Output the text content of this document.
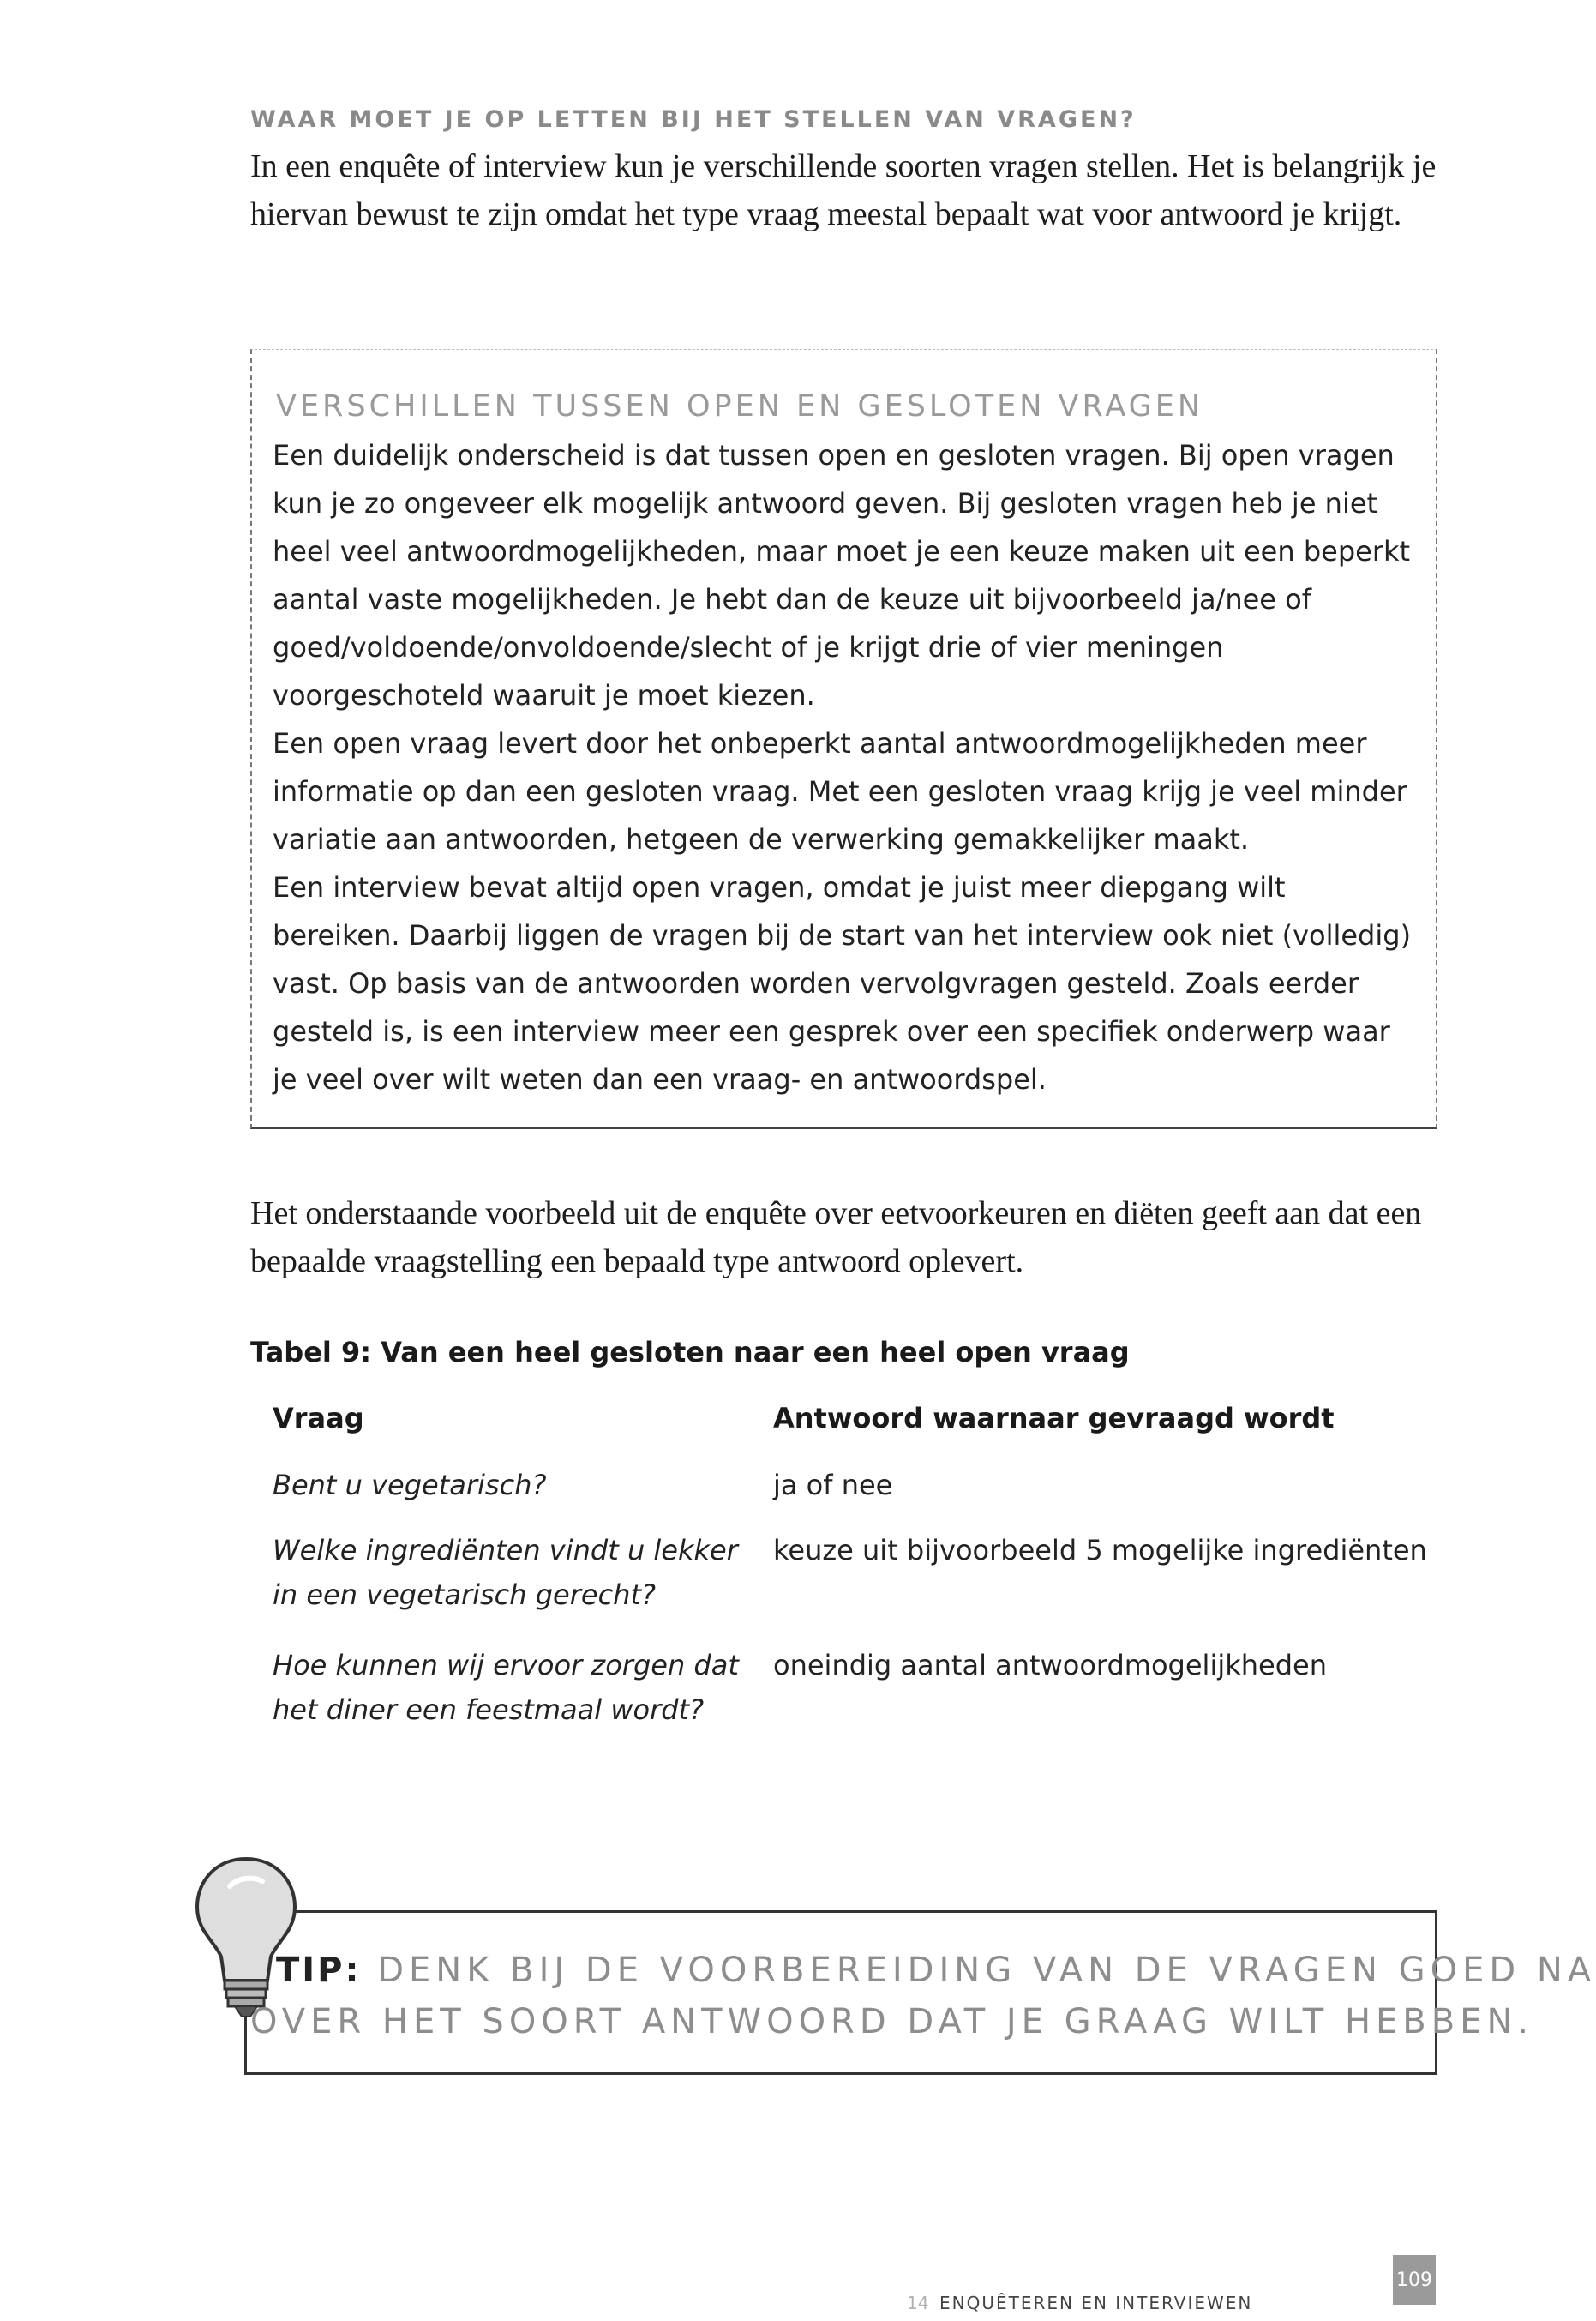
WAAR MOET JE OP LETTEN BIJ HET STELLEN VAN VRAGEN?
In een enquête of interview kun je verschillende soorten vragen stellen. Het is belangrijk je hiervan bewust te zijn omdat het type vraag meestal bepaalt wat voor antwoord je krijgt.
VERSCHILLEN TUSSEN OPEN EN GESLOTEN VRAGEN
Een duidelijk onderscheid is dat tussen open en gesloten vragen. Bij open vragen kun je zo ongeveer elk mogelijk antwoord geven. Bij gesloten vragen heb je niet heel veel antwoordmogelijkheden, maar moet je een keuze maken uit een beperkt aantal vaste mogelijkheden. Je hebt dan de keuze uit bijvoorbeeld ja/nee of goed/voldoende/onvoldoende/slecht of je krijgt drie of vier meningen voorgeschoteld waaruit je moet kiezen.
Een open vraag levert door het onbeperkt aantal antwoordmogelijkheden meer informatie op dan een gesloten vraag. Met een gesloten vraag krijg je veel minder variatie aan antwoorden, hetgeen de verwerking gemakkelijker maakt.
Een interview bevat altijd open vragen, omdat je juist meer diepgang wilt bereiken. Daarbij liggen de vragen bij de start van het interview ook niet (volledig) vast. Op basis van de antwoorden worden vervolgvragen gesteld. Zoals eerder gesteld is, is een interview meer een gesprek over een specifiek onderwerp waar je veel over wilt weten dan een vraag- en antwoordspel.
Het onderstaande voorbeeld uit de enquête over eetvoorkeuren en diëten geeft aan dat een bepaalde vraagstelling een bepaald type antwoord oplevert.
Tabel 9: Van een heel gesloten naar een heel open vraag
Vraag	Antwoord waarnaar gevraagd wordt
Bent u vegetarisch?	ja of nee
Welke ingrediënten vindt u lekker in een vegetarisch gerecht?
keuze uit bijvoorbeeld 5 mogelijke ingrediënten
Hoe kunnen wij ervoor zorgen dat het diner een feestmaal wordt?
oneindig aantal antwoordmogelijkheden
TIP: DENK BIJ DE VOORBEREIDING VAN DE VRAGEN GOED NA
OVER HET SOORT ANTWOORD DAT JE GRAAG WILT HEBBEN.
14 ENQUÊTEREN EN INTERVIEWEN
109
